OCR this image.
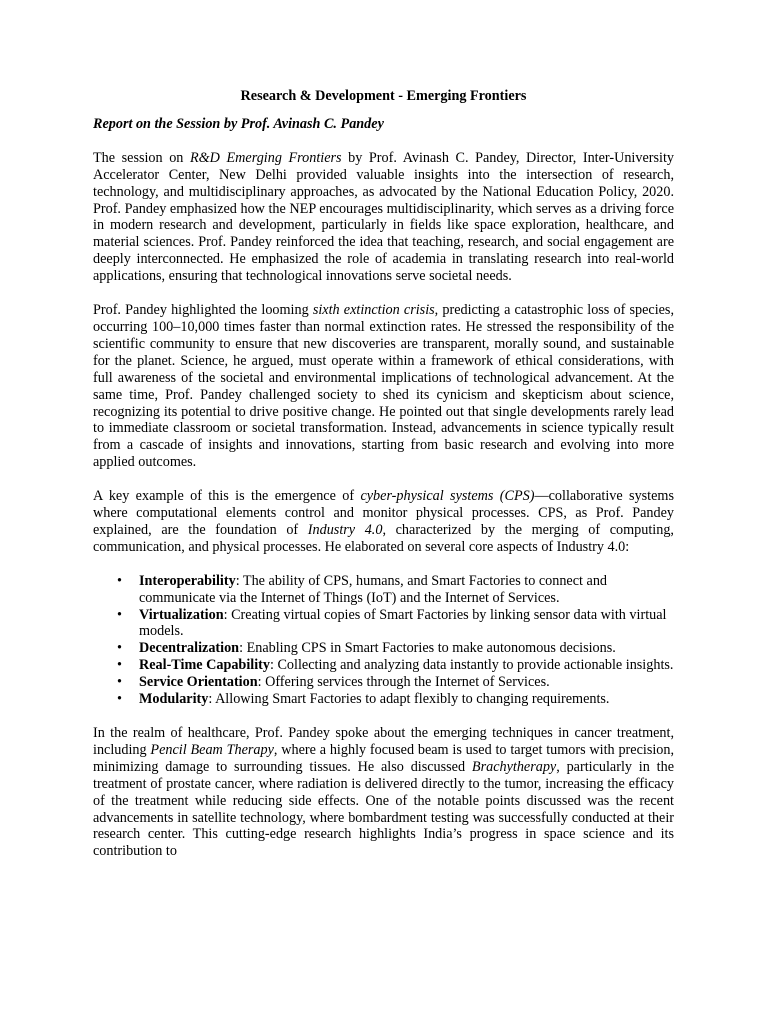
Research & Development - Emerging Frontiers

Report on the Session by Prof. Avinash C. Pandey

The session on R&D Emerging Frontiers by Prof. Avinash C. Pandey, Director, Inter-University Accelerator Center, New Delhi provided valuable insights into the intersection of research, technology, and multidisciplinary approaches, as advocated by the National Education Policy, 2020. Prof. Pandey emphasized how the NEP encourages multidisciplinarity, which serves as a driving force in modern research and development, particularly in fields like space exploration, healthcare, and material sciences. Prof. Pandey reinforced the idea that teaching, research, and social engagement are deeply interconnected. He emphasized the role of academia in translating research into real-world applications, ensuring that technological innovations serve societal needs.

Prof. Pandey highlighted the looming sixth extinction crisis, predicting a catastrophic loss of species, occurring 100–10,000 times faster than normal extinction rates. He stressed the responsibility of the scientific community to ensure that new discoveries are transparent, morally sound, and sustainable for the planet. Science, he argued, must operate within a framework of ethical considerations, with full awareness of the societal and environmental implications of technological advancement. At the same time, Prof. Pandey challenged society to shed its cynicism and skepticism about science, recognizing its potential to drive positive change. He pointed out that single developments rarely lead to immediate classroom or societal transformation. Instead, advancements in science typically result from a cascade of insights and innovations, starting from basic research and evolving into more applied outcomes.

A key example of this is the emergence of cyber-physical systems (CPS)—collaborative systems where computational elements control and monitor physical processes. CPS, as Prof. Pandey explained, are the foundation of Industry 4.0, characterized by the merging of computing, communication, and physical processes. He elaborated on several core aspects of Industry 4.0:

• Interoperability: The ability of CPS, humans, and Smart Factories to connect and communicate via the Internet of Things (IoT) and the Internet of Services.
• Virtualization: Creating virtual copies of Smart Factories by linking sensor data with virtual models.
• Decentralization: Enabling CPS in Smart Factories to make autonomous decisions.
• Real-Time Capability: Collecting and analyzing data instantly to provide actionable insights.
• Service Orientation: Offering services through the Internet of Services.
• Modularity: Allowing Smart Factories to adapt flexibly to changing requirements.

In the realm of healthcare, Prof. Pandey spoke about the emerging techniques in cancer treatment, including Pencil Beam Therapy, where a highly focused beam is used to target tumors with precision, minimizing damage to surrounding tissues. He also discussed Brachytherapy, particularly in the treatment of prostate cancer, where radiation is delivered directly to the tumor, increasing the efficacy of the treatment while reducing side effects. One of the notable points discussed was the recent advancements in satellite technology, where bombardment testing was successfully conducted at their research center. This cutting-edge research highlights India’s progress in space science and its contribution to
